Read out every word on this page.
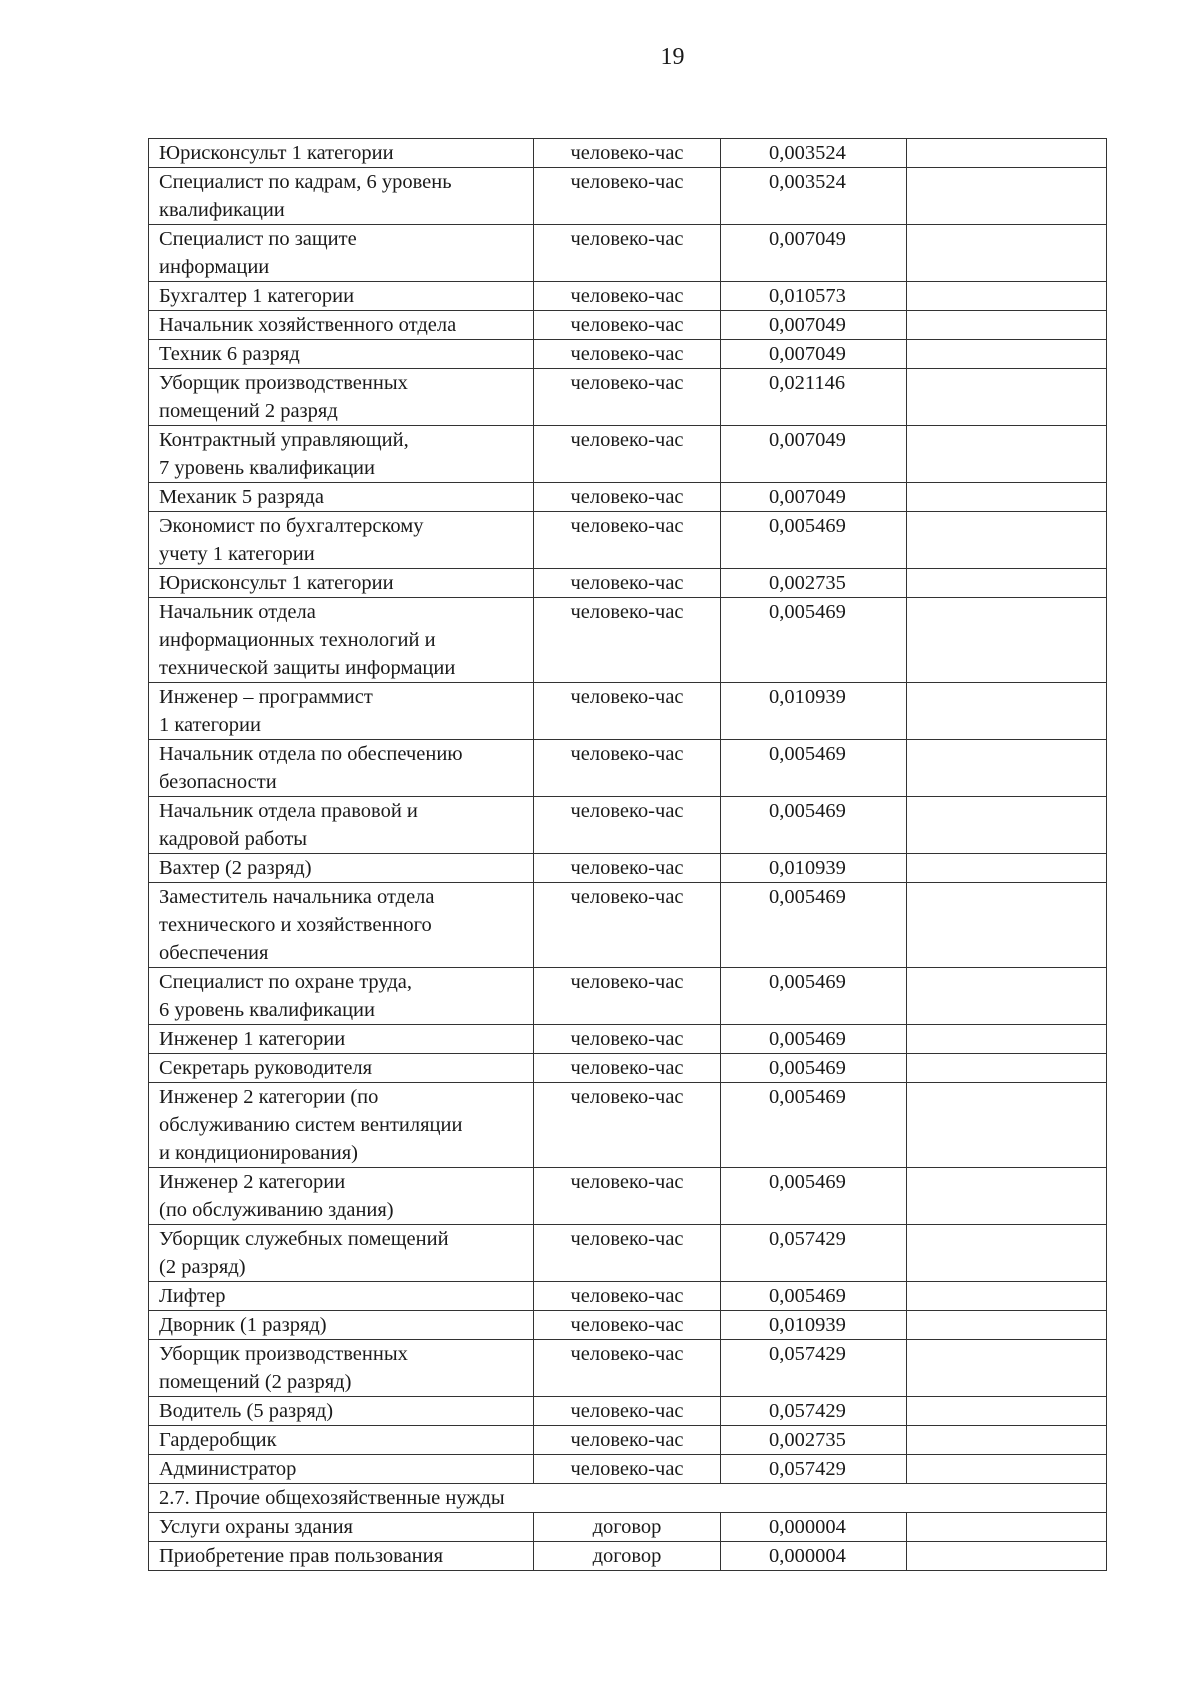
19
Юрисконсульт 1 категории	человеко-час	0,003524	

Специалист по кадрам, 6 уровень
квалификации	человеко-час	0,003524	

Специалист по защите
информации	человеко-час	0,007049	

Бухгалтер 1 категории	человеко-час	0,010573	

Начальник хозяйственного отдела	человеко-час	0,007049	

Техник 6 разряд	человеко-час	0,007049	

Уборщик производственных
помещений 2 разряд	человеко-час	0,021146	

Контрактный управляющий,
7 уровень квалификации	человеко-час	0,007049	

Механик 5 разряда	человеко-час	0,007049	

Экономист по бухгалтерскому
учету 1 категории	человеко-час	0,005469	

Юрисконсульт 1 категории	человеко-час	0,002735	

Начальник отдела
информационных технологий и
технической защиты информации	человеко-час	0,005469	

Инженер – программист
1 категории	человеко-час	0,010939	

Начальник отдела по обеспечению
безопасности	человеко-час	0,005469	

Начальник отдела правовой и
кадровой работы	человеко-час	0,005469	

Вахтер (2 разряд)	человеко-час	0,010939	

Заместитель начальника отдела
технического и хозяйственного
обеспечения	человеко-час	0,005469	

Специалист по охране труда,
6 уровень квалификации	человеко-час	0,005469	

Инженер 1 категории	человеко-час	0,005469	

Секретарь руководителя	человеко-час	0,005469	

Инженер 2 категории (по
обслуживанию систем вентиляции
и кондиционирования)	человеко-час	0,005469	

Инженер 2 категории
(по обслуживанию здания)	человеко-час	0,005469	

Уборщик служебных помещений
(2 разряд)	человеко-час	0,057429	

Лифтер	человеко-час	0,005469	

Дворник (1 разряд)	человеко-час	0,010939	

Уборщик производственных
помещений (2 разряд)	человеко-час	0,057429	

Водитель (5 разряд)	человеко-час	0,057429	

Гардеробщик	человеко-час	0,002735	

Администратор	человеко-час	0,057429	
2.7. Прочие общехозяйственные нужды			

Услуги охраны здания	договор	0,000004	

Приобретение прав пользования	договор	0,000004	
